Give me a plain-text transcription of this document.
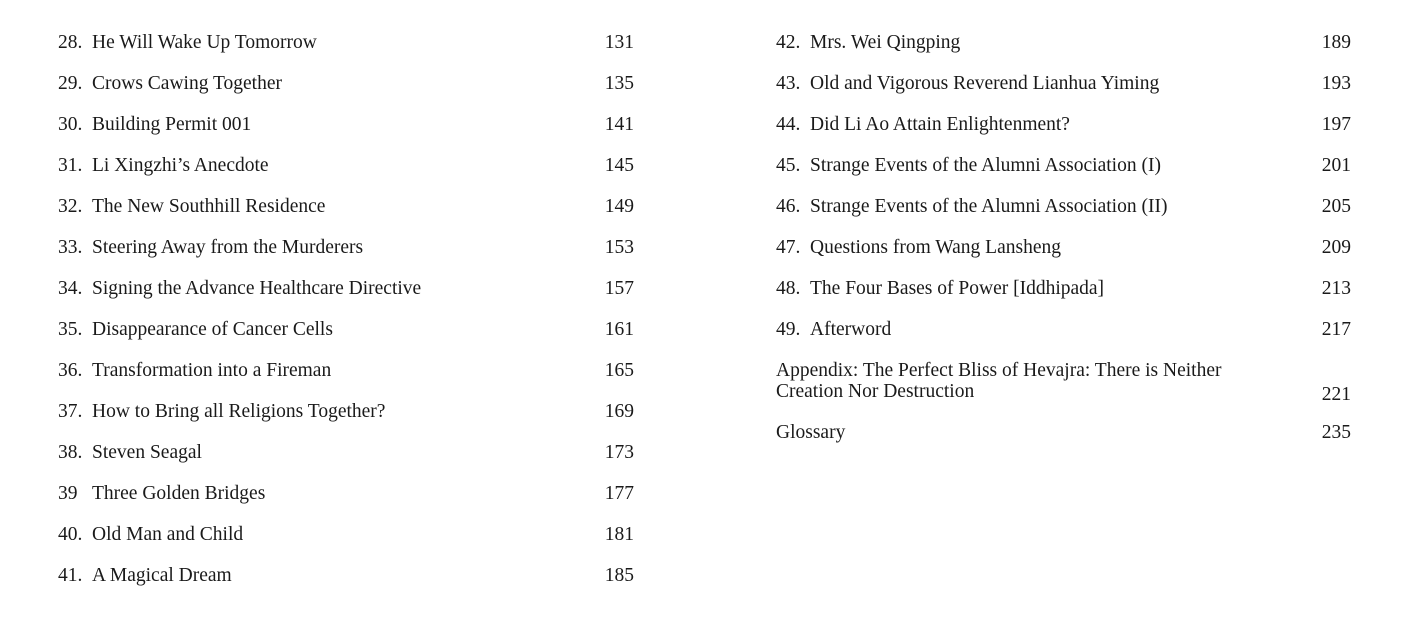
28. He Will Wake Up Tomorrow	131
29. Crows Cawing Together	135
30. Building Permit 001	141
31. Li Xingzhi’s Anecdote	145
32. The New Southhill Residence	149
33. Steering Away from the Murderers	153
34. Signing the Advance Healthcare Directive	157
35. Disappearance of Cancer Cells	161
36. Transformation into a Fireman	165
37. How to Bring all Religions Together?	169
38. Steven Seagal	173
39 Three Golden Bridges	177
40. Old Man and Child	181
41. A Magical Dream	185
42. Mrs. Wei Qingping	189
43. Old and Vigorous Reverend Lianhua Yiming	193
44. Did Li Ao Attain Enlightenment?	197
45. Strange Events of the Alumni Association (I)	201
46. Strange Events of the Alumni Association (II)	205
47. Questions from Wang Lansheng	209
48. The Four Bases of Power [Iddhipada]	213
49. Afterword	217
Appendix: The Perfect Bliss of Hevajra: There is Neither Creation Nor Destruction	221
Glossary	235
